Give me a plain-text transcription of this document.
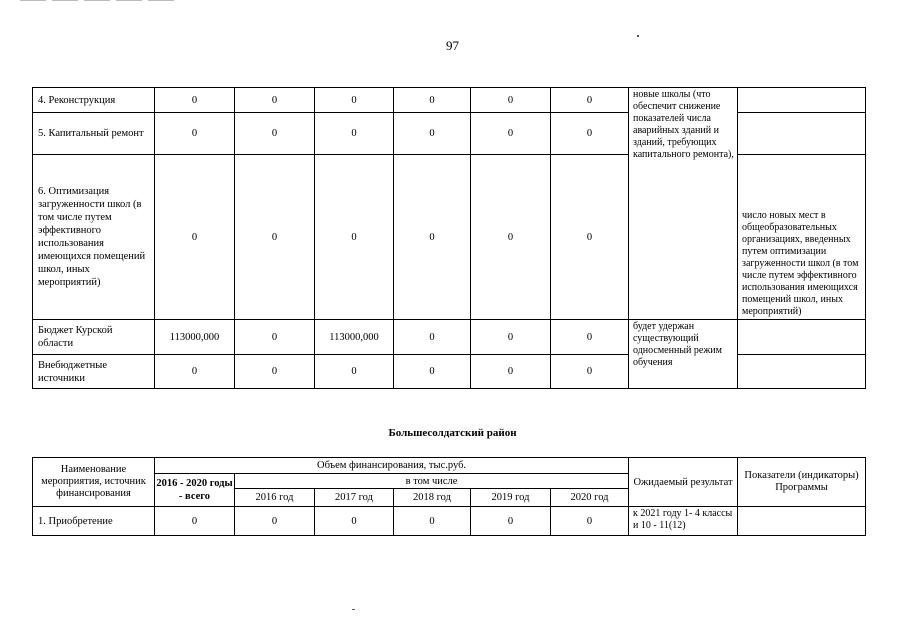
97
4. Реконструкция	0	0	0	0	0	0	новые школы (что обеспечит снижение показателей числа аварийных зданий и зданий, требующих капитального ремонта),	
5. Капитальный ремонт	0	0	0	0	0	0		
6. Оптимизация загруженности школ (в том числе путем эффективного использования имеющихся помещений школ, иных мероприятий)	0	0	0	0	0	0		число новых мест в общеобразовательных организациях, введенных путем оптимизации загруженности школ (в том числе путем эффективного использования имеющихся помещений школ, иных мероприятий)
Бюджет Курской области	113000,000	0	113000,000	0	0	0	будет удержан существующий односменный режим обучения	
Внебюджетные источники	0	0	0	0	0	0		
Большесолдатский район
Наименование мероприятия, источник финансирования	Объем финансирования, тыс.руб.						Ожидаемый результат	Показатели (индикаторы) Программы
	2016 - 2020 годы - всего	в том числе						
		2016 год	2017 год	2018 год	2019 год	2020 год		
1. Приобретение	0	0	0	0	0	0	к 2021 году 1- 4 классы и 10 - 11(12)	
